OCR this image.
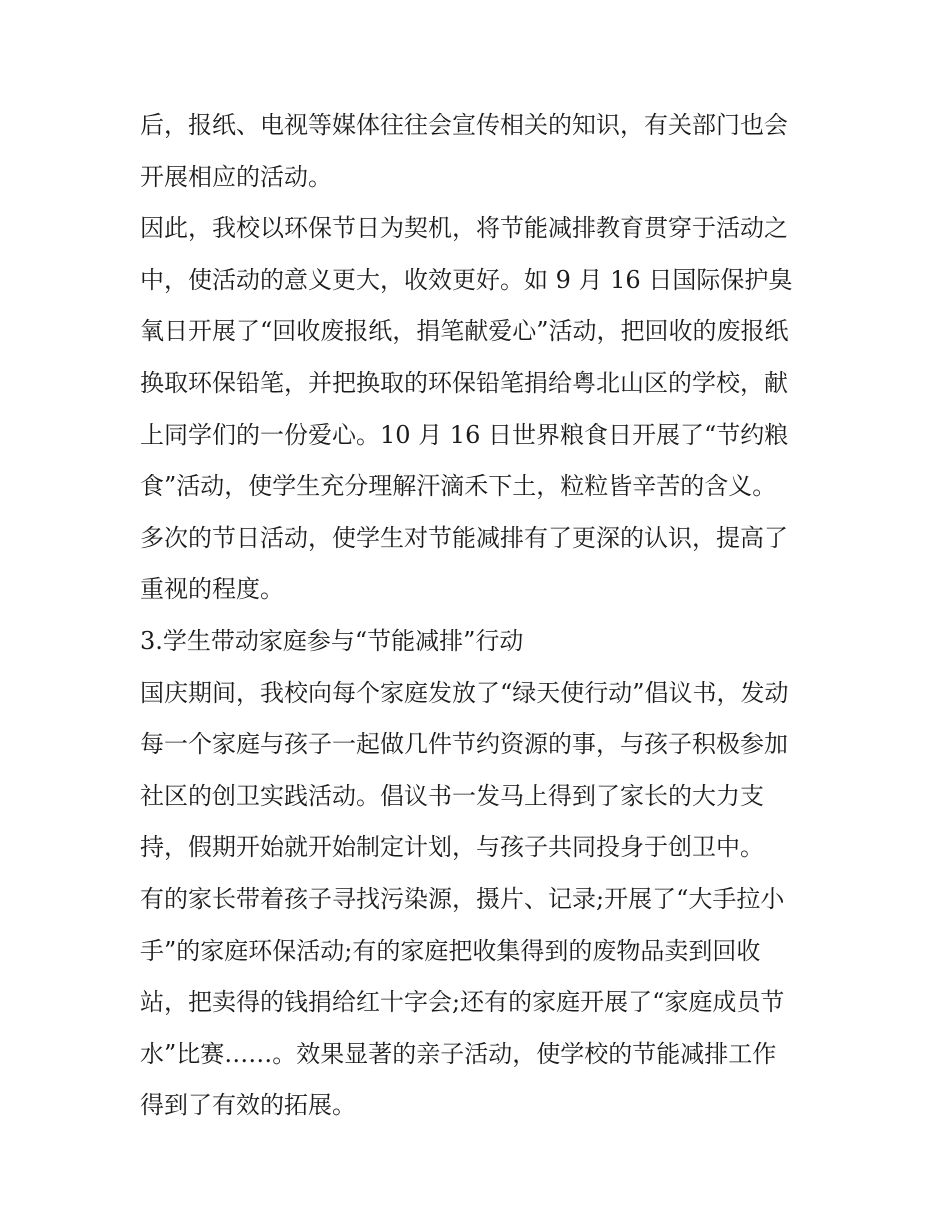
后，报纸、电视等媒体往往会宣传相关的知识，有关部门也会
开展相应的活动。
因此，我校以环保节日为契机，将节能减排教育贯穿于活动之
中，使活动的意义更大，收效更好。如 9 月 16 日国际保护臭
氧日开展了“回收废报纸，捐笔献爱心”活动，把回收的废报纸
换取环保铅笔，并把换取的环保铅笔捐给粤北山区的学校，献
上同学们的一份爱心。10 月 16 日世界粮食日开展了“节约粮
食”活动，使学生充分理解汗滴禾下土，粒粒皆辛苦的含义。
多次的节日活动，使学生对节能减排有了更深的认识，提高了
重视的程度。
3.学生带动家庭参与“节能减排”行动
国庆期间，我校向每个家庭发放了“绿天使行动”倡议书，发动
每一个家庭与孩子一起做几件节约资源的事，与孩子积极参加
社区的创卫实践活动。倡议书一发马上得到了家长的大力支
持，假期开始就开始制定计划，与孩子共同投身于创卫中。
有的家长带着孩子寻找污染源，摄片、记录;开展了“大手拉小
手”的家庭环保活动;有的家庭把收集得到的废物品卖到回收
站，把卖得的钱捐给红十字会;还有的家庭开展了“家庭成员节
水”比赛……。效果显著的亲子活动，使学校的节能减排工作
得到了有效的拓展。
